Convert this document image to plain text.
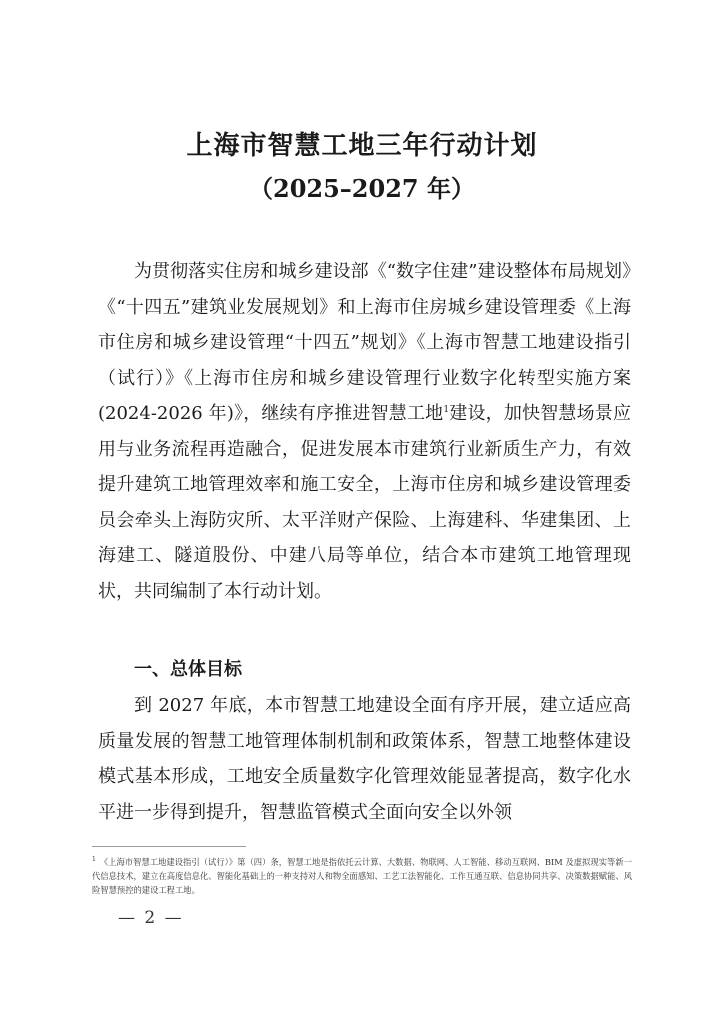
上海市智慧工地三年行动计划
（2025–2027 年）

为贯彻落实住房和城乡建设部《“数字住建”建设整体布局规划》《“十四五”建筑业发展规划》和上海市住房城乡建设管理委《上海市住房和城乡建设管理“十四五”规划》《上海市智慧工地建设指引（试行）》《上海市住房和城乡建设管理行业数字化转型实施方案(2024-2026 年)》，继续有序推进智慧工地$^1$建设，加快智慧场景应用与业务流程再造融合，促进发展本市建筑行业新质生产力，有效提升建筑工地管理效率和施工安全，上海市住房和城乡建设管理委员会牵头上海防灾所、太平洋财产保险、上海建科、华建集团、上海建工、隧道股份、中建八局等单位，结合本市建筑工地管理现状，共同编制了本行动计划。

一、总体目标

到 2027 年底，本市智慧工地建设全面有序开展，建立适应高质量发展的智慧工地管理体制机制和政策体系，智慧工地整体建设模式基本形成，工地安全质量数字化管理效能显著提高，数字化水平进一步得到提升，智慧监管模式全面向安全以外领

$^1$ 《上海市智慧工地建设指引（试行）》第（四）条，智慧工地是指依托云计算、大数据、物联网、人工智能、移动互联网、BIM 及虚拟现实等新一代信息技术，建立在高度信息化、智能化基础上的一种支持对人和物全面感知、工艺工法智能化、工作互通互联、信息协同共享、决策数据赋能、风险智慧预控的建设工程工地。

— 2 —
